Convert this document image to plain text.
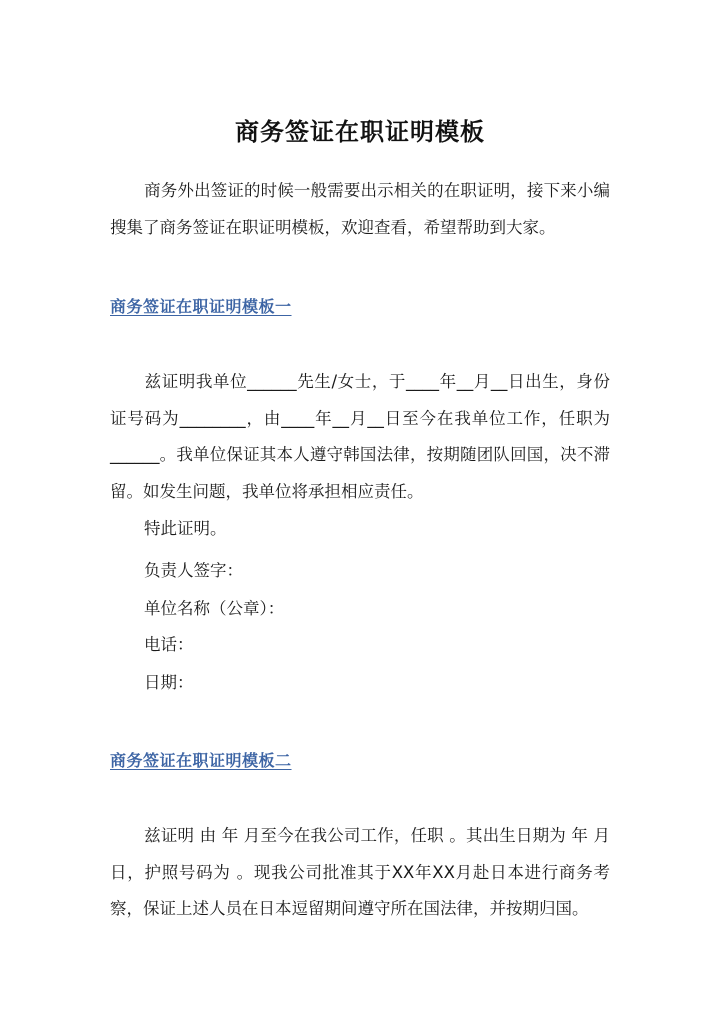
商务签证在职证明模板

商务外出签证的时候一般需要出示相关的在职证明，接下来小编搜集了商务签证在职证明模板，欢迎查看，希望帮助到大家。

商务签证在职证明模板一

兹证明我单位______先生/女士，于____年__月__日出生，身份证号码为________，由____年__月__日至今在我单位工作，任职为______。我单位保证其本人遵守韩国法律，按期随团队回国，决不滞留。如发生问题，我单位将承担相应责任。

特此证明。

负责人签字：

单位名称（公章）：

电话：

日期：

商务签证在职证明模板二

兹证明 由 年 月至今在我公司工作，任职 。其出生日期为 年 月 日，护照号码为 。现我公司批准其于XX年XX月赴日本进行商务考察，保证上述人员在日本逗留期间遵守所在国法律，并按期归国。
